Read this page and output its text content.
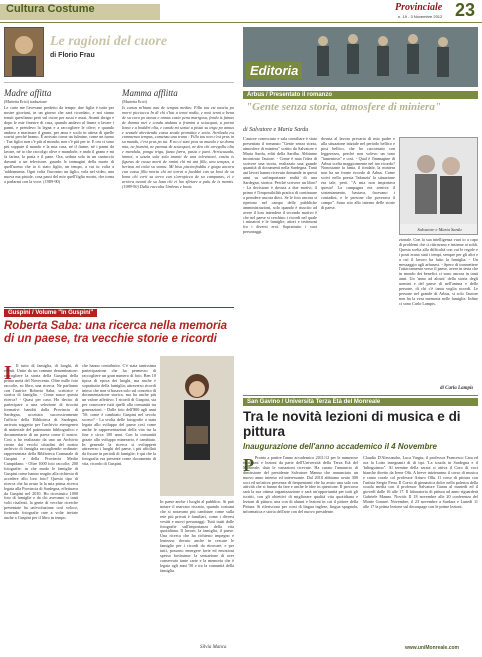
Cultura Costume	Provinciale
n. 19 - 3 Novembre 2012 23
Le ragioni del cuore
di Florio Frau
Madre affitta
(Marietta Erici) traduzione
Le carte me l'avevano predetto da tempo: due figlie è tutto per nostre gioviani, in un giorno che sarà ricordato, e noi siamo tenuti quest'anno però sul cuore per assai e assai. Avanti sbriga e dopo le mie finestre di casa, quando andavo al fiume a lavare i panni, e prendevo la legna e a raccogliere le olive; e quando andavo a macinare il grano, per ansa e scolo in attesa di quelle sorrisi perché bramo. È arrivato come un fulmine, come un tuono : Tua figlio non c'è più al mondo; non c'è più per te. E ora ci sono più soppure il mondo e la mia casa, né il fiume, né i panni da lavare, né io che raccolgo olive e mandorle, e ando il grano e mi fa farina, la pasta e il pane. Ora, seduta sola in un cantuccio davanti a un televisore, guardo le immagini della morte di quell'uomo che io ti stato figlio, un tempo, a cui tu volta a 'addormenta. Ogni volta l'incontro un figlio, vola nel video, una nuova ma pistole, cosa passi del mio quell'figlio morto, che torna a parlarmi con la voce. (1989-90)
Mamma afflitta
(Marietta Erici)
Is cartas m'hiant nau de tempus medas: Fillu tou est nasciu po morri piccioccu In dì chi s'hat a tenni nodìu, e nosi tenni a bena de su coru po annus e annus cusia pena marigosa, fendu is fainas de donnia mei e condu andanu a frumini a sciacquai, a portai linna e a boddiri olia, e candu mi seziai a pistai su trigu po annus e sezzabi abrettendu cussa zeoda promittia e xetiu. Arribadu est cummenzu tempus, cumenzu una trunu : Fillu tou non c'est prus in su mundu, c'est prus po tui. E no ci sunt prus su mundu e sa domu mia, ne frumini, ne pannus de sciacquai, ne deu chi arregollu olia e mendula, pongu trigu, fazzu farra, pasta e pani. Arriscusadu, immoi, a sezzia sola sola ananti de una televisioni, castiu is figuras de cussa morti de omini chi mi ant fillu, unu tempus, a herissu mi colat su sonnu. Mi bisu piscinofoddiu e giugu ancora cun cussa fillu mortu chi mi torrat a fueddai cun sa boxi de sa bona chi cerit sa terra cun s'arropicca de sa campanas, ei e arriera avanti de sa luna chi ei luo sfirtare a palu de is montis. (1989-90) Dalla raccolta Umbras e boxis
Guspini / Volume "In Guspini"
Roberta Saba: una ricerca nella memoria di un paese, tra vecchie storie e ricordi
I	Il tutto di famiglia, di luoghi, di eventi. Unite da un comune denominatore: raccogliere la storia della Guspini della prima metà del Novecento. Oltre mille foto raccolte, su libro, una ricerca. Ne parliamo con l'autrice Roberta Saba, scrittrice e storica di famiglia. - Come nasce questa ricerca? - Quasi per caso. Ho deciso di partecipare a una selezione di tirocini formativi banditi dalla Provincia di Sardegna, accettato successivamente l'ufficio della Biblioteca di Sardegna, arrivata soggetto per l'archivio eterogeneo di materiale del patrimonio bibliografico e documentario di un paese come il nostro. Così a ho realizzato da uno un Archivio creato dai vecchi cittadini del nostro archivio di famiglia raccogliendo ordinate: rappresentata della Biblioteca Comunale di Guspini e della Provincia Medio Campidano. - Oltre 1000 foto raccolte, 200 fotografie: in che modo le famiglie di Guspini come hanno reagito alla richiesta di accedere allo loro foto? Questo tipo di ricerca che ha avuto la la mia prima ricerca legata alla Provincia di Sardegna, effettuava da Guspini nel 2010. Ho ricostruito 1000 foto di famiglie e da chi avevamo si tanti volti risalenti. la gente di vecchie ricerche presentate ha un'evoluzione così veloce, fornendo fotografie rare a volte inviate anche a Guspini per il libro in tempo.
che hanno contribuito. C'è stata tantissima partecipazione che ha permesso di raccogliere un gran numero di foto. Ben 10 tipica di epoca dei luoghi, ma anche e soprattutto della famiglia; attraverso ricordi inteso che non si basava solo sul concetto di documentazione storica, ma ha anche più un valore affettivo. I ricordi di Guspini, sia per conoscere tutti quelli alla comunità tra generazioni. - Dalle foto dell'800 agli anni '50: come è cambiato Guspini nel secolo scorso? - La svolta delle fotografie a stata legata allo sviluppo del paese così come anche le rappresentazioni della vita tra la fine e circa 100 anni. Con la comunità grazie allo sviluppo minerario, è cambiato. In generale la ricerca si svilupperà attraverso i luoghi del paese, i più affollati da fissare in periodi di famiglie; è qui che la fotografia era presente come documento di vita, ricordo di Guspini.
In paese anche i luoghi al pubblico. Si può notare il marcato riscatto, quando costumi che si notavano più cambiare come sulla rete più privati è familiari, come i diversi vestiti e nuovi personaggi. Tutti tratti dalle fotografie sull'importanza della vita quotidiana. Il lavoro, la famiglia, il paese. Una ricerca che ha richiesto impegno e lentezza: dovuto anche in cercare le famiglie per i ricordi da ritrovare, e per tutti, possono emergere forte ed emozioni spesso fortissime: la sensazione di aver conservato tante carte e la memoria che è legato agli anni '50 e tra la comunità della famiglia.
Silvia Manca
Editoria
Arbus / Presentato il romanzo
"Gente senza storia, atmosfere di miniera"
di Salvatore e Maria Sardu
L'autore conosciuto e sala consiliare è stato presentato il romanzo "Gente senza storia, atmosfere di miniera" scritto da Salvatore e Maria Sardu, editi della Sardha. Abbiamo incontrato l'autore. - Come è nata l'idea di scrivere una storia, realizzato una grande quantità di documenti nella Sardegna. Tanti ani lavori hanno ricevuto domande in questi anni su un'importante realtà di una Sardegna, storica. Perché scrivere un libro? - La decisione è dovuta a due motivi, il primo è l'impossibilità pratica di continuare a prendere ancora dieci. Se le foto ancora si ripetono nel campo delle pubbliche amministrazioni, solo quando è riuscito ad avere il loro intendere il secondo motivo è che nel paese si cerchino i ricordi nel quale i minatori e le famiglie, attori e testimoni fra i diversi eroi. Soprattutto i suoi personaggi.
dovuta al lavoro precario di mio padre e alla situazione iniziale nel periodo bellico e post bellico, che ho raccontato con leggerezza, perché non volevo un tono "lamentoso" e così. - Qual è l'immagine di Arbus scelta maggiormente nel tuo ricordo? Nonostante la fama, il fondale, la miniera non ha un fronte ricordo di Arbus. Come scrivi nella poesia 'Infanzia' la situazione era tale, però. "A mia non importava questo! La campagna era sentiva il sostentamento, bastava, facevano i contadini, e le persone che poverava il campo". Sono sito allo interno delle storie di paese.
Salvatore e Maria Sardu
zionale. Con la sua intelligenza vuoi io a capo di problemi che ci ritiravano e insieme ai soldi. Questa scelta alla difficoltà con cui le regole e i posti erano stati i tempi, sempre per gli altri e a cui il lavoro ha fatto la famiglia. - Un messaggio agli arbusesi. - Spero di trasmettere l'attaccamento verso il paese, avere in testa che in mondo dei benefici ci sono ancora in tanti anni. Un 'anno ad alcuni' della storia degli uomini e del paese di nell'anima e delle persone, di chi c'è tanta voglia ricordi. Le persone nel grande di Arbus, si solo l'autore non ha la vera memoria nelle famiglie. Infine ci sono Carlo Lampis.
di Carla Lampis
San Gavino / Università Terza Età del Monreale
Tra le novità lezioni di musica e di pittura
Inaugurazione dell'anno accademico il 4 Novembre
P Pronto a partire l'anno accademico 2011/12 per le numerose iscrizioni e lezioni da parte dell'Università della Terza Età del Monreale, dato le variazioni ricevute. Ha curato l'annuncio di dimissione del presidente Salvatore Manno che annunciato un nuovo anno intenso ed interessante. Dal 2010 abbiamo avuto 300 soci ed un'attiva presenza di frequentanti che ha avuto una sala con attività che si hanno da fare e anche le idee in questione. Il percorso sarà la sua ottima organizzazione e sarà un'opportunità per tutti gli iscritti, con gli obiettivi di migliorare qualità vita quotidiana e lezioni di pittura, una con di alunni e lezioni in cui il pittore della Pittura. Si riferiscono per corsi di lingua inglese, lingua spagnola, informatica e storia dell'arte con del nuovo presidente.
Claudio D'Alessandro, Luca Vargiu; il professor Francesco Cara ed ora la Lotto insegnanti di di tipi. 'La scuola in Sardegna e il 'bilinguismo''. Al termine della serata si attiva il Coro di voci bianche diretto da Irene Ofà. A breve inizieranno il corso di musica e canto corale col professor Arturo Ollu. Il corso di pittura con l'artista Sergio Fenu. Il Corso di ginnastica dolce nella palestra della scuola media con il professor Salvatore Garau al martedì ed il giovedì dalle 16 alle 17. Il laboratorio di pittura ad anno riguarderà Gabriele Manno. Novità: Il 18 novembre alle 20 conferenza del Monte Gonaré. Novembre, il 23 novembre a Sardara e Lunedì 11 alle 17 la prima lezione sul decoupage con le prime lezioni.
www.uniMonreale.com
